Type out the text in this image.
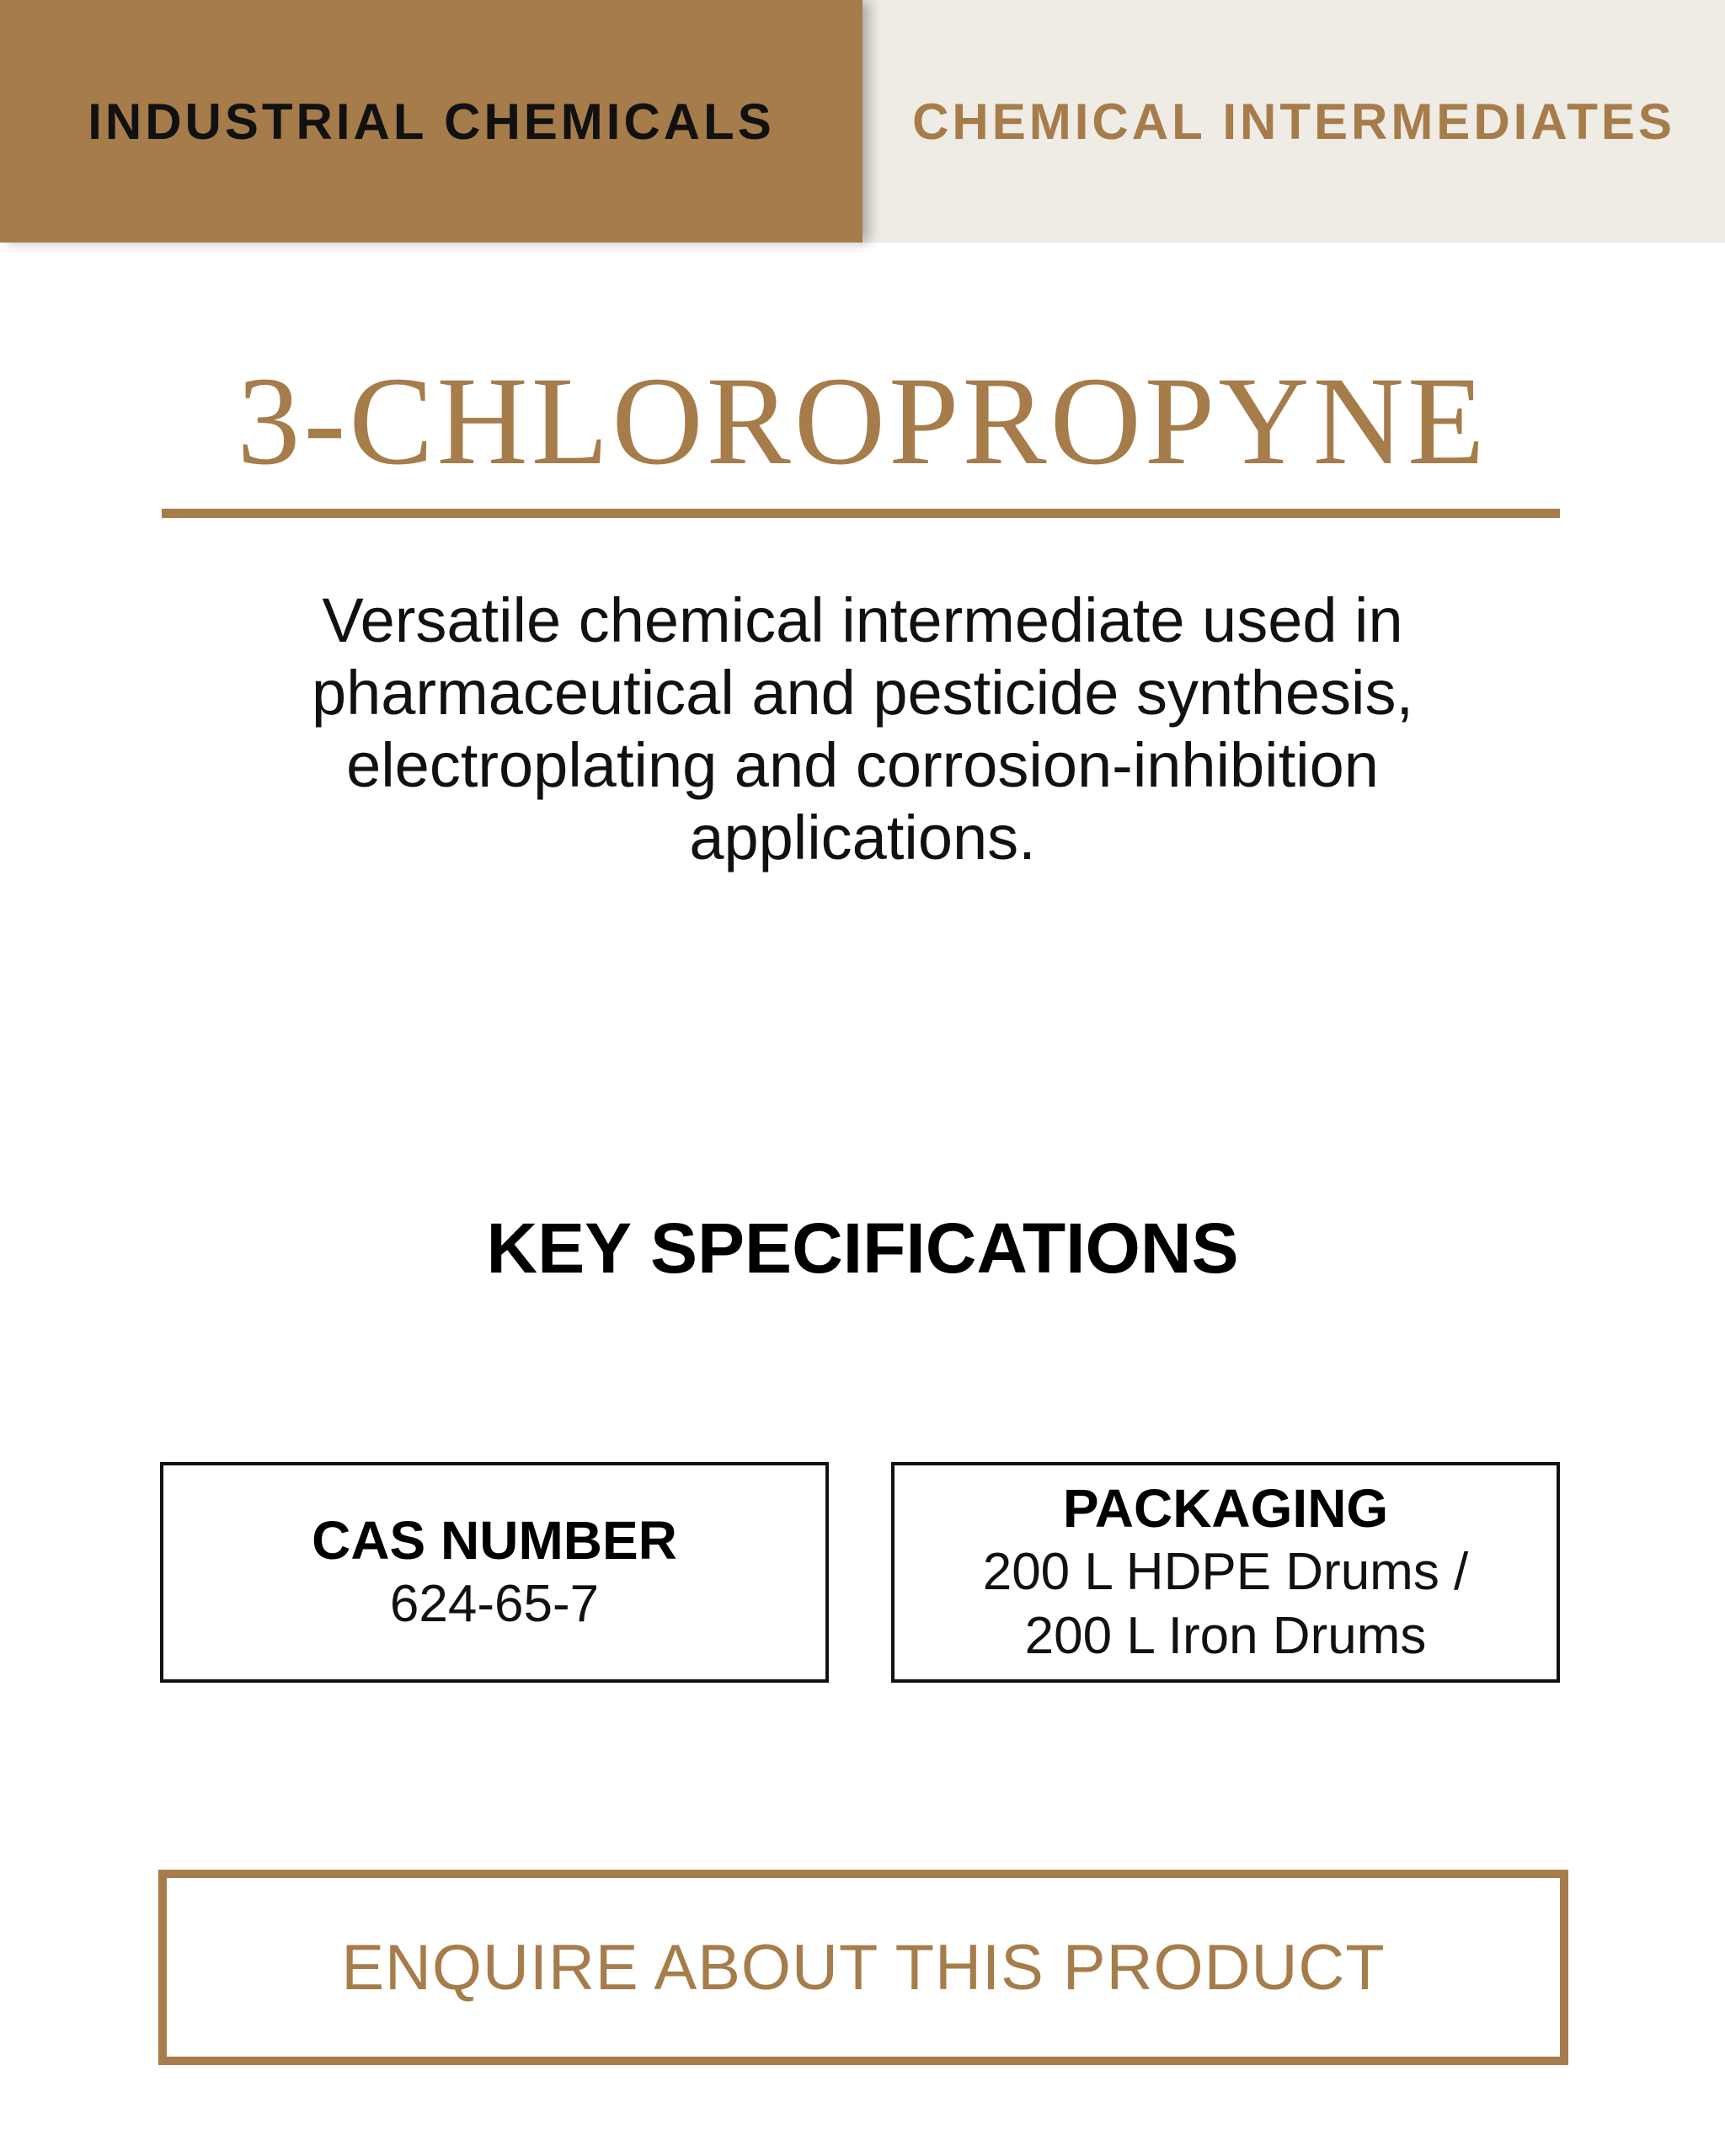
INDUSTRIAL CHEMICALS	CHEMICAL INTERMEDIATES
3-CHLOROPROPYNE
Versatile chemical intermediate used in pharmaceutical and pesticide synthesis, electroplating and corrosion-inhibition applications.
KEY SPECIFICATIONS
CAS NUMBER
624-65-7
PACKAGING
200 L HDPE Drums /
200 L Iron Drums
ENQUIRE ABOUT THIS PRODUCT
